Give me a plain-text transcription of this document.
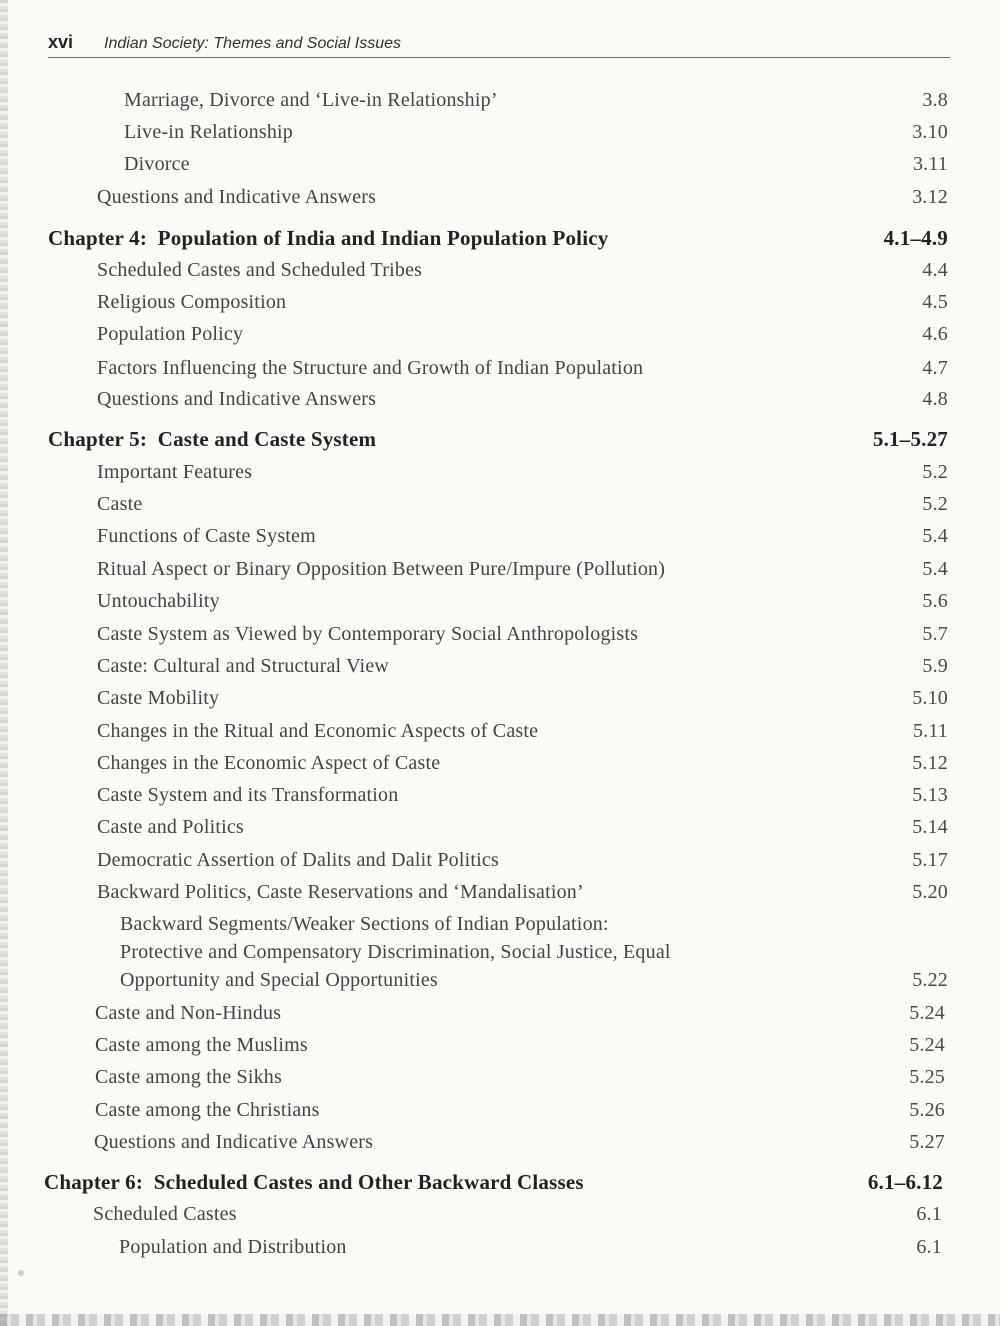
xvi Indian Society: Themes and Social Issues
Marriage, Divorce and ‘Live-in Relationship’	3.8
Live-in Relationship	3.10
Divorce	3.11
Questions and Indicative Answers	3.12
Chapter 4: Population of India and Indian Population Policy	4.1–4.9
Scheduled Castes and Scheduled Tribes	4.4
Religious Composition	4.5
Population Policy	4.6
Factors Influencing the Structure and Growth of Indian Population	4.7
Questions and Indicative Answers	4.8
Chapter 5: Caste and Caste System	5.1–5.27
Important Features	5.2
Caste	5.2
Functions of Caste System	5.4
Ritual Aspect or Binary Opposition Between Pure/Impure (Pollution)	5.4
Untouchability	5.6
Caste System as Viewed by Contemporary Social Anthropologists	5.7
Caste: Cultural and Structural View	5.9
Caste Mobility	5.10
Changes in the Ritual and Economic Aspects of Caste	5.11
Changes in the Economic Aspect of Caste	5.12
Caste System and its Transformation	5.13
Caste and Politics	5.14
Democratic Assertion of Dalits and Dalit Politics	5.17
Backward Politics, Caste Reservations and ‘Mandalisation’	5.20
Backward Segments/Weaker Sections of Indian Population:
Protective and Compensatory Discrimination, Social Justice, Equal
Opportunity and Special Opportunities	5.22
Caste and Non-Hindus	5.24
Caste among the Muslims	5.24
Caste among the Sikhs	5.25
Caste among the Christians	5.26
Questions and Indicative Answers	5.27
Chapter 6: Scheduled Castes and Other Backward Classes	6.1–6.12
Scheduled Castes	6.1
Population and Distribution	6.1
